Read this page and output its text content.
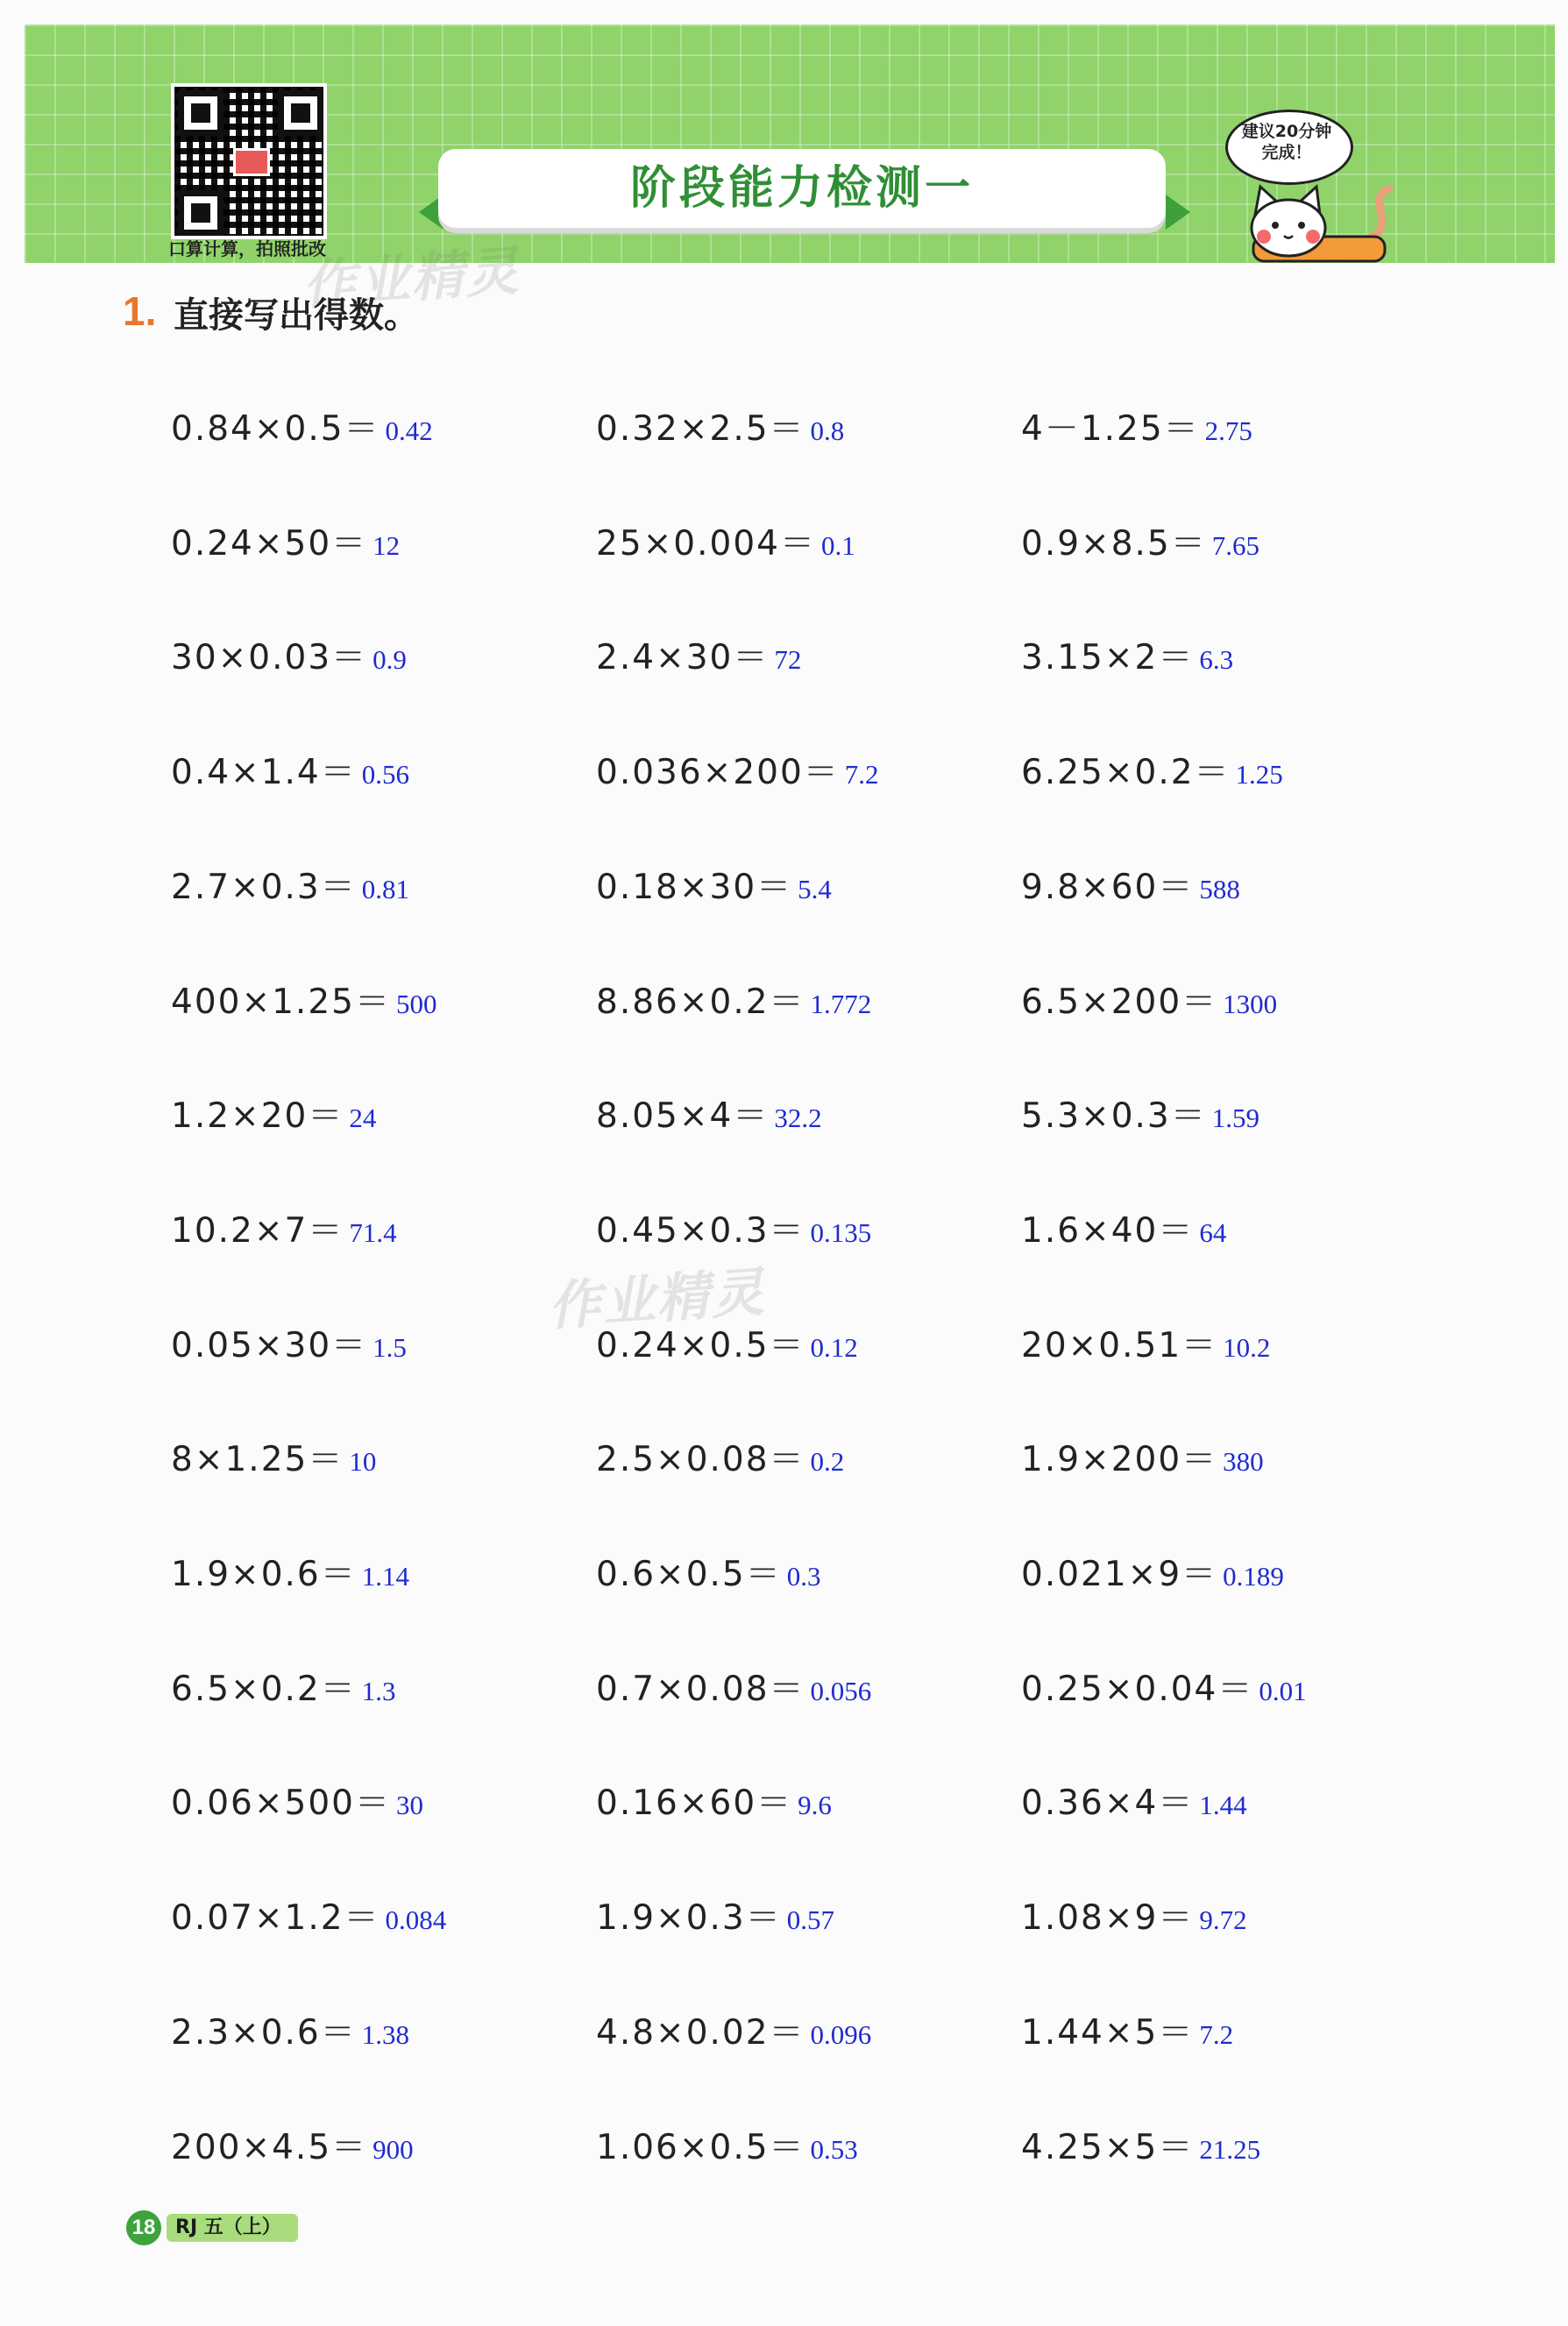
口算计算，拍照批改
阶段能力检测一
建议20分钟
完成！
作业精灵
作业精灵
1. 直接写出得数。
0.84×0.5＝ 0.42	0.32×2.5＝ 0.8	4－1.25＝ 2.75
0.24×50＝ 12	25×0.004＝ 0.1	0.9×8.5＝ 7.65
30×0.03＝ 0.9	2.4×30＝ 72	3.15×2＝ 6.3
0.4×1.4＝ 0.56	0.036×200＝ 7.2	6.25×0.2＝ 1.25
2.7×0.3＝ 0.81	0.18×30＝ 5.4	9.8×60＝ 588
400×1.25＝ 500	8.86×0.2＝ 1.772	6.5×200＝ 1300
1.2×20＝ 24	8.05×4＝ 32.2	5.3×0.3＝ 1.59
10.2×7＝ 71.4	0.45×0.3＝ 0.135	1.6×40＝ 64
0.05×30＝ 1.5	0.24×0.5＝ 0.12	20×0.51＝ 10.2
8×1.25＝ 10	2.5×0.08＝ 0.2	1.9×200＝ 380
1.9×0.6＝ 1.14	0.6×0.5＝ 0.3	0.021×9＝ 0.189
6.5×0.2＝ 1.3	0.7×0.08＝ 0.056	0.25×0.04＝ 0.01
0.06×500＝ 30	0.16×60＝ 9.6	0.36×4＝ 1.44
0.07×1.2＝ 0.084	1.9×0.3＝ 0.57	1.08×9＝ 9.72
2.3×0.6＝ 1.38	4.8×0.02＝ 0.096	1.44×5＝ 7.2
200×4.5＝ 900	1.06×0.5＝ 0.53	4.25×5＝ 21.25
18	RJ 五（上）
